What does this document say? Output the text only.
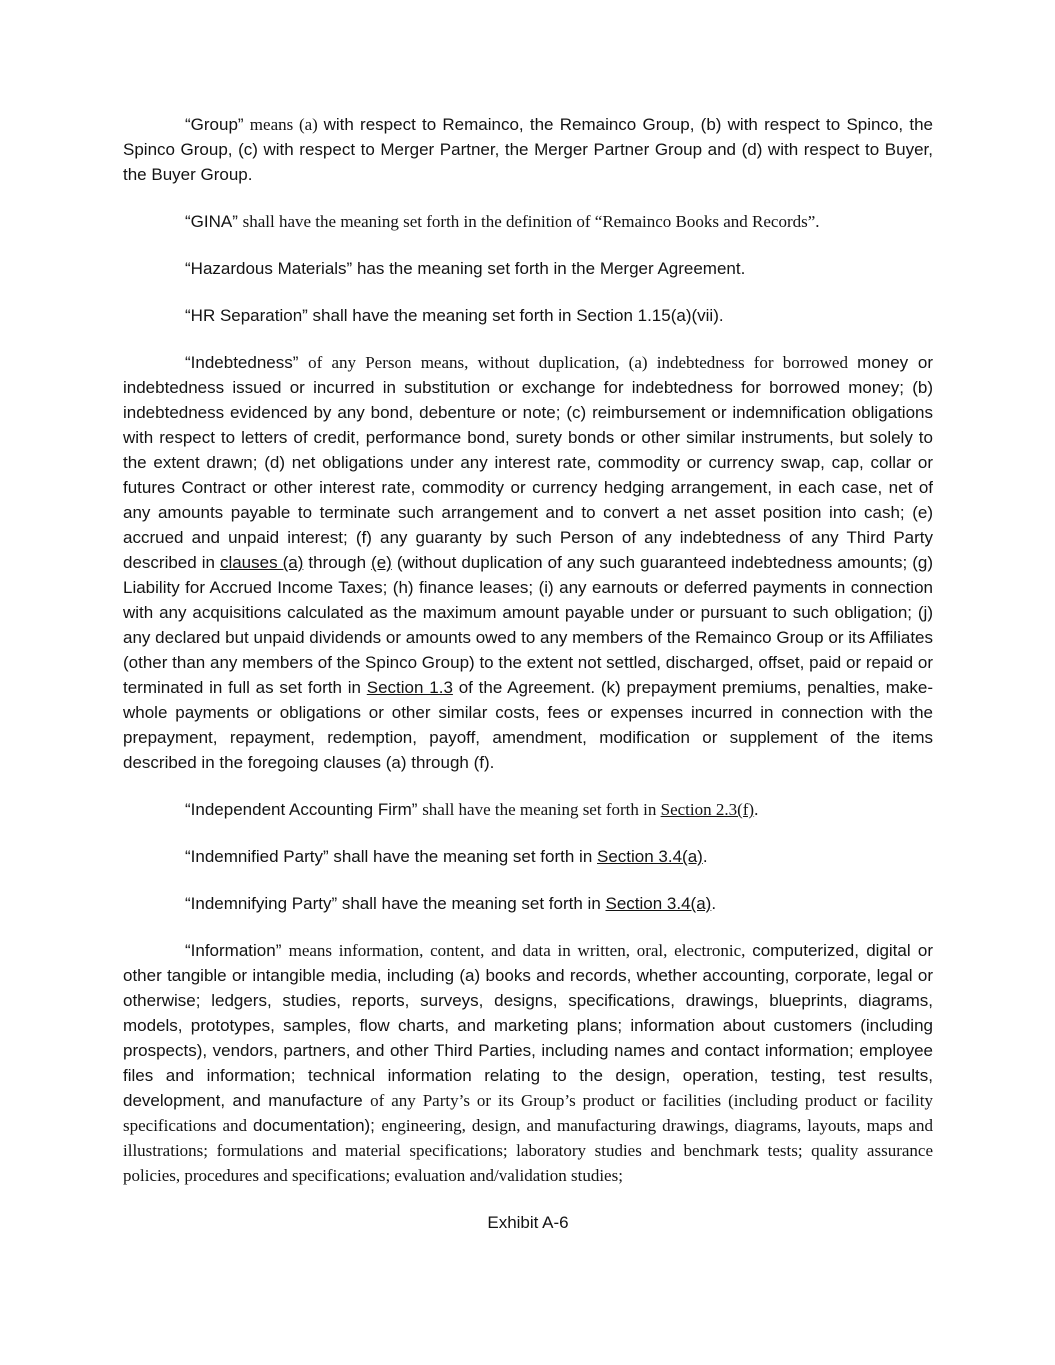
“Group” means (a) with respect to Remainco, the Remainco Group, (b) with respect to Spinco, the Spinco Group, (c) with respect to Merger Partner, the Merger Partner Group and (d) with respect to Buyer, the Buyer Group.

“GINA” shall have the meaning set forth in the definition of “Remainco Books and Records”.

“Hazardous Materials” has the meaning set forth in the Merger Agreement.

“HR Separation” shall have the meaning set forth in Section 1.15(a)(vii).

“Indebtedness” of any Person means, without duplication, (a) indebtedness for borrowed money or indebtedness issued or incurred in substitution or exchange for indebtedness for borrowed money; (b) indebtedness evidenced by any bond, debenture or note; (c) reimbursement or indemnification obligations with respect to letters of credit, performance bond, surety bonds or other similar instruments, but solely to the extent drawn; (d) net obligations under any interest rate, commodity or currency swap, cap, collar or futures Contract or other interest rate, commodity or currency hedging arrangement, in each case, net of any amounts payable to terminate such arrangement and to convert a net asset position into cash; (e) accrued and unpaid interest; (f) any guaranty by such Person of any indebtedness of any Third Party described in clauses (a) through (e) (without duplication of any such guaranteed indebtedness amounts; (g) Liability for Accrued Income Taxes; (h) finance leases; (i) any earnouts or deferred payments in connection with any acquisitions calculated as the maximum amount payable under or pursuant to such obligation; (j) any declared but unpaid dividends or amounts owed to any members of the Remainco Group or its Affiliates (other than any members of the Spinco Group) to the extent not settled, discharged, offset, paid or repaid or terminated in full as set forth in Section 1.3 of the Agreement. (k) prepayment premiums, penalties, make-whole payments or obligations or other similar costs, fees or expenses incurred in connection with the prepayment, repayment, redemption, payoff, amendment, modification or supplement of the items described in the foregoing clauses (a) through (f).

“Independent Accounting Firm” shall have the meaning set forth in Section 2.3(f).

“Indemnified Party” shall have the meaning set forth in Section 3.4(a).

“Indemnifying Party” shall have the meaning set forth in Section 3.4(a).

“Information” means information, content, and data in written, oral, electronic, computerized, digital or other tangible or intangible media, including (a) books and records, whether accounting, corporate, legal or otherwise; ledgers, studies, reports, surveys, designs, specifications, drawings, blueprints, diagrams, models, prototypes, samples, flow charts, and marketing plans; information about customers (including prospects), vendors, partners, and other Third Parties, including names and contact information; employee files and information; technical information relating to the design, operation, testing, test results, development, and manufacture of any Party’s or its Group’s product or facilities (including product or facility specifications and documentation); engineering, design, and manufacturing drawings, diagrams, layouts, maps and illustrations; formulations and material specifications; laboratory studies and benchmark tests; quality assurance policies, procedures and specifications; evaluation and/validation studies;

Exhibit A-6
